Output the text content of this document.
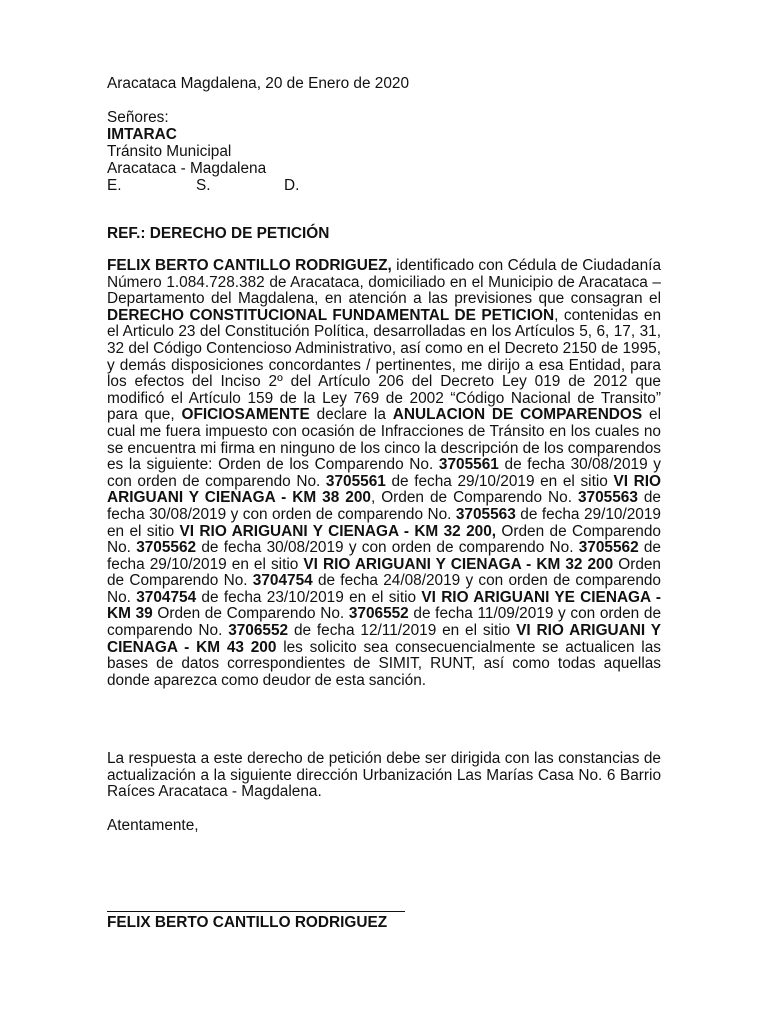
Aracataca Magdalena, 20 de Enero de 2020
Señores:
IMTARAC
Tránsito Municipal
Aracataca - Magdalena
E.	S.	D.
REF.: DERECHO DE PETICIÓN
FELIX BERTO CANTILLO RODRIGUEZ, identificado con Cédula de Ciudadanía Número 1.084.728.382 de Aracataca, domiciliado en el Municipio de Aracataca – Departamento del Magdalena, en atención a las previsiones que consagran el DERECHO CONSTITUCIONAL FUNDAMENTAL DE PETICION, contenidas en el Articulo 23 del Constitución Política, desarrolladas en los Artículos 5, 6, 17, 31, 32 del Código Contencioso Administrativo, así como en el Decreto 2150 de 1995, y demás disposiciones concordantes / pertinentes, me dirijo a esa Entidad, para los efectos del Inciso 2º del Artículo 206 del Decreto Ley 019 de 2012 que modificó el Artículo 159 de la Ley 769 de 2002 “Código Nacional de Transito” para que, OFICIOSAMENTE declare la ANULACION DE COMPARENDOS el cual me fuera impuesto con ocasión de Infracciones de Tránsito en los cuales no se encuentra mi firma en ninguno de los cinco la descripción de los comparendos es la siguiente: Orden de los Comparendo No. 3705561 de fecha 30/08/2019 y con orden de comparendo No. 3705561 de fecha 29/10/2019 en el sitio VI RIO ARIGUANI Y CIENAGA - KM 38 200, Orden de Comparendo No. 3705563 de fecha 30/08/2019 y con orden de comparendo No. 3705563 de fecha 29/10/2019 en el sitio VI RIO ARIGUANI Y CIENAGA - KM 32 200, Orden de Comparendo No. 3705562 de fecha 30/08/2019 y con orden de comparendo No. 3705562 de fecha 29/10/2019 en el sitio VI RIO ARIGUANI Y CIENAGA - KM 32 200 Orden de Comparendo No. 3704754 de fecha 24/08/2019 y con orden de comparendo No. 3704754 de fecha 23/10/2019 en el sitio VI RIO ARIGUANI YE CIENAGA - KM 39 Orden de Comparendo No. 3706552 de fecha 11/09/2019 y con orden de comparendo No. 3706552 de fecha 12/11/2019 en el sitio VI RIO ARIGUANI Y CIENAGA - KM 43 200 les solicito sea consecuencialmente se actualicen las bases de datos correspondientes de SIMIT, RUNT, así como todas aquellas donde aparezca como deudor de esta sanción.
La respuesta a este derecho de petición debe ser dirigida con las constancias de actualización a la siguiente dirección Urbanización Las Marías Casa No. 6 Barrio Raíces Aracataca - Magdalena.
Atentamente,
FELIX BERTO CANTILLO RODRIGUEZ
